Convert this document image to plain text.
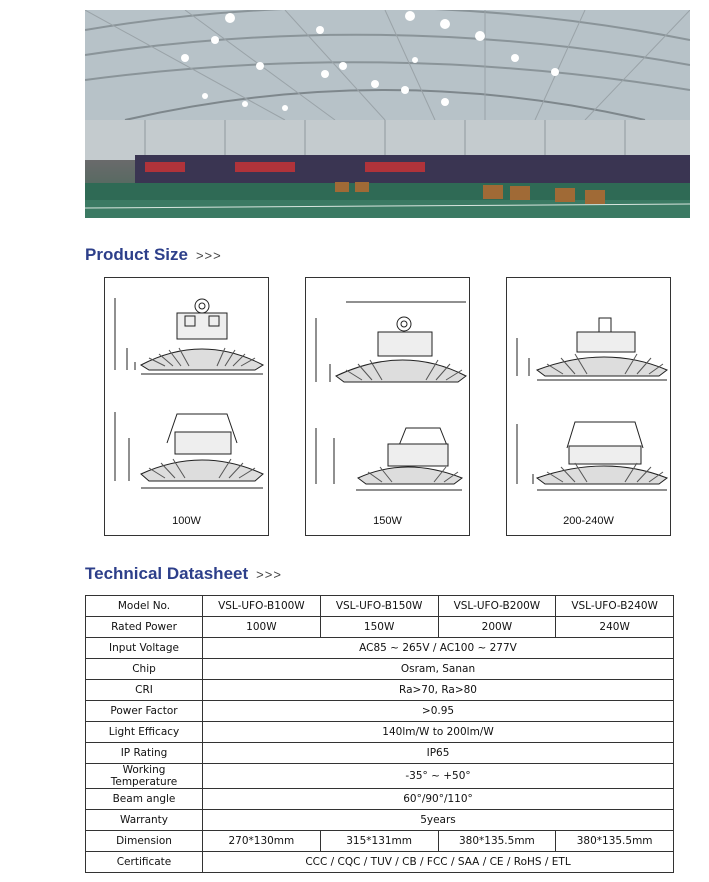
Product Size >>>
100W	150W	200-240W
Technical Datasheet >>>
Model No.	VSL-UFO-B100W	VSL-UFO-B150W	VSL-UFO-B200W	VSL-UFO-B240W
Rated Power	100W	150W	200W	240W
Input Voltage	AC85 ~ 265V / AC100 ~ 277V			
Chip	Osram, Sanan			
CRI	Ra>70, Ra>80			
Power Factor	>0.95			
Light Efficacy	140lm/W to 200lm/W			
IP Rating	IP65			
Working Temperature	-35° ~ +50°			
Beam angle	60°/90°/110°			
Warranty	5years			
Dimension	270*130mm	315*131mm	380*135.5mm	380*135.5mm
Certificate	CCC / CQC / TUV / CB / FCC / SAA / CE / RoHS / ETL			
